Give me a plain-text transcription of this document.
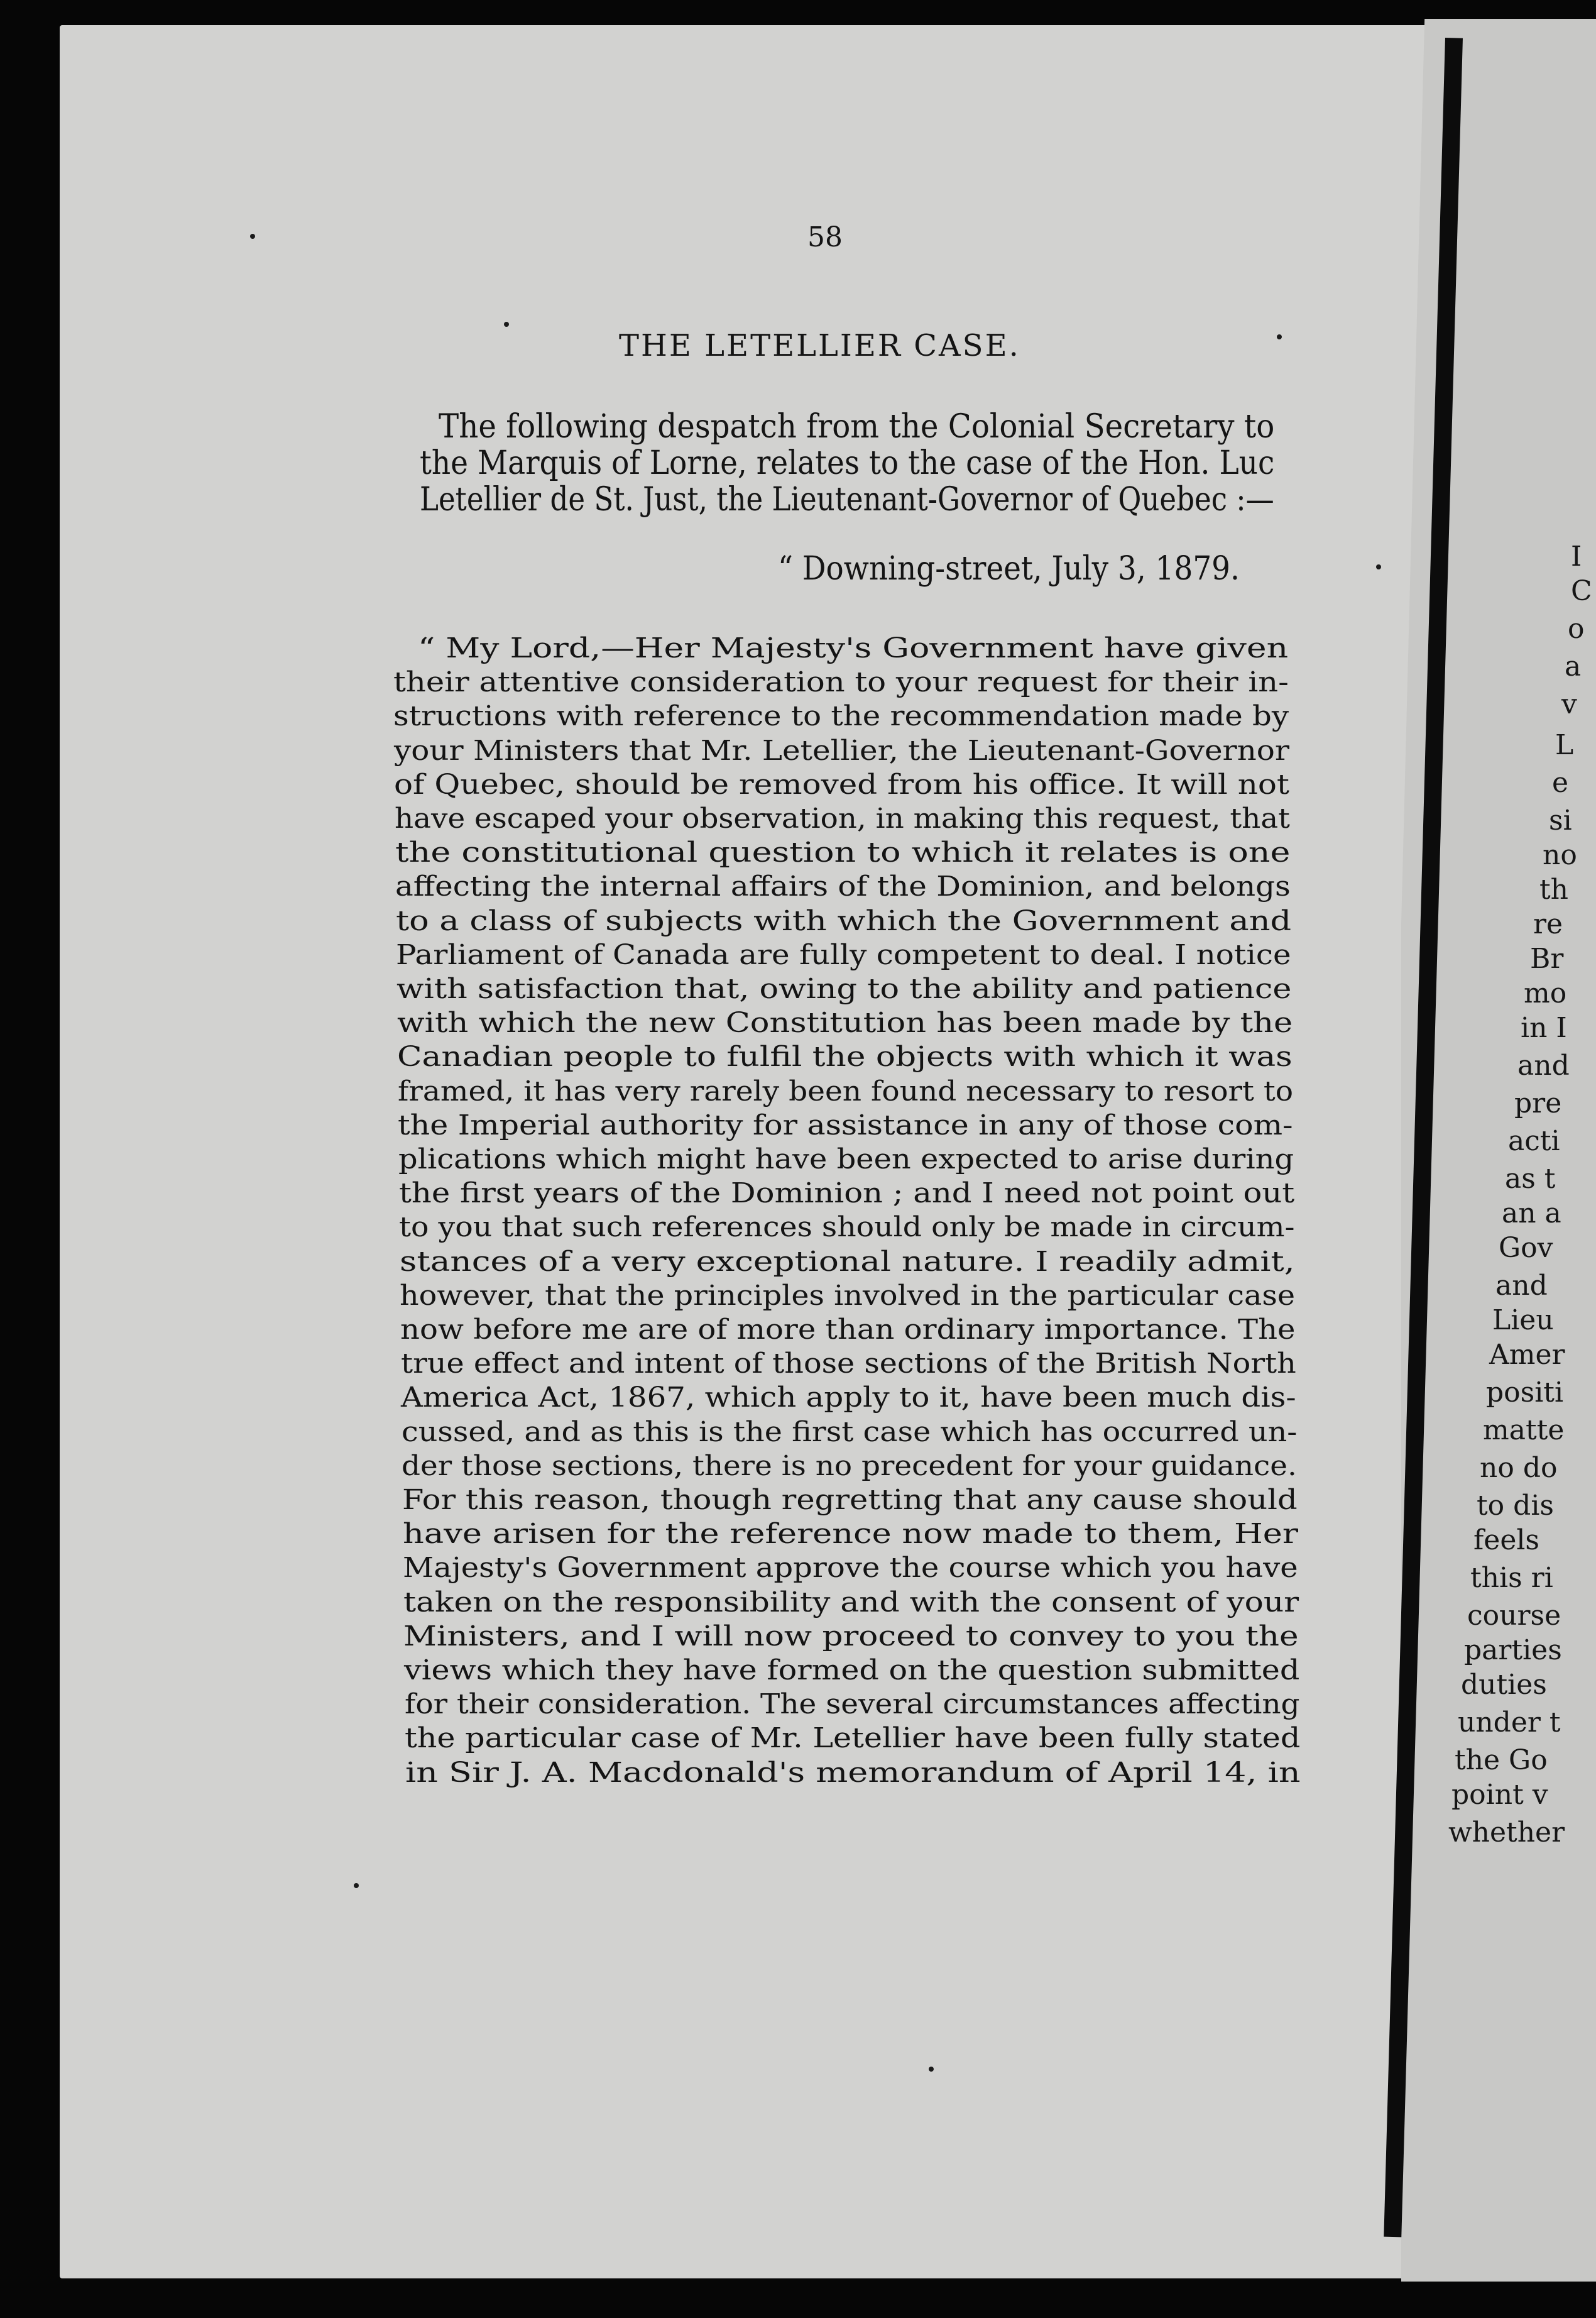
58
THE LETELLIER CASE.
The following despatch from the Colonial Secretary to
the Marquis of Lorne, relates to the case of the Hon. Luc
Letellier de St. Just, the Lieutenant-Governor of Quebec :—
“ Downing-street, July 3, 1879.
“ My Lord,—Her Majesty's Government have given
their attentive consideration to your request for their in-
structions with reference to the recommendation made by
your Ministers that Mr. Letellier, the Lieutenant-Governor
of Quebec, should be removed from his office. It will not
have escaped your observation, in making this request, that
the constitutional question to which it relates is one
affecting the internal affairs of the Dominion, and belongs
to a class of subjects with which the Government and
Parliament of Canada are fully competent to deal. I notice
with satisfaction that, owing to the ability and patience
with which the new Constitution has been made by the
Canadian people to fulfil the objects with which it was
framed, it has very rarely been found necessary to resort to
the Imperial authority for assistance in any of those com-
plications which might have been expected to arise during
the first years of the Dominion ; and I need not point out
to you that such references should only be made in circum-
stances of a very exceptional nature. I readily admit,
however, that the principles involved in the particular case
now before me are of more than ordinary importance. The
true effect and intent of those sections of the British North
America Act, 1867, which apply to it, have been much dis-
cussed, and as this is the first case which has occurred un-
der those sections, there is no precedent for your guidance.
For this reason, though regretting that any cause should
have arisen for the reference now made to them, Her
Majesty's Government approve the course which you have
taken on the responsibility and with the consent of your
Ministers, and I will now proceed to convey to you the
views which they have formed on the question submitted
for their consideration. The several circumstances affecting
the particular case of Mr. Letellier have been fully stated
in Sir J. A. Macdonald's memorandum of April 14, in
I
C
o
a
v
L
e
si
no
th
re
Br
mo
in I
and
pre
acti
as t
an a
Gov
and
Lieu
Amer
positi
matte
no do
to dis
feels
this ri
course
parties
duties
under t
the Go
point v
whether
